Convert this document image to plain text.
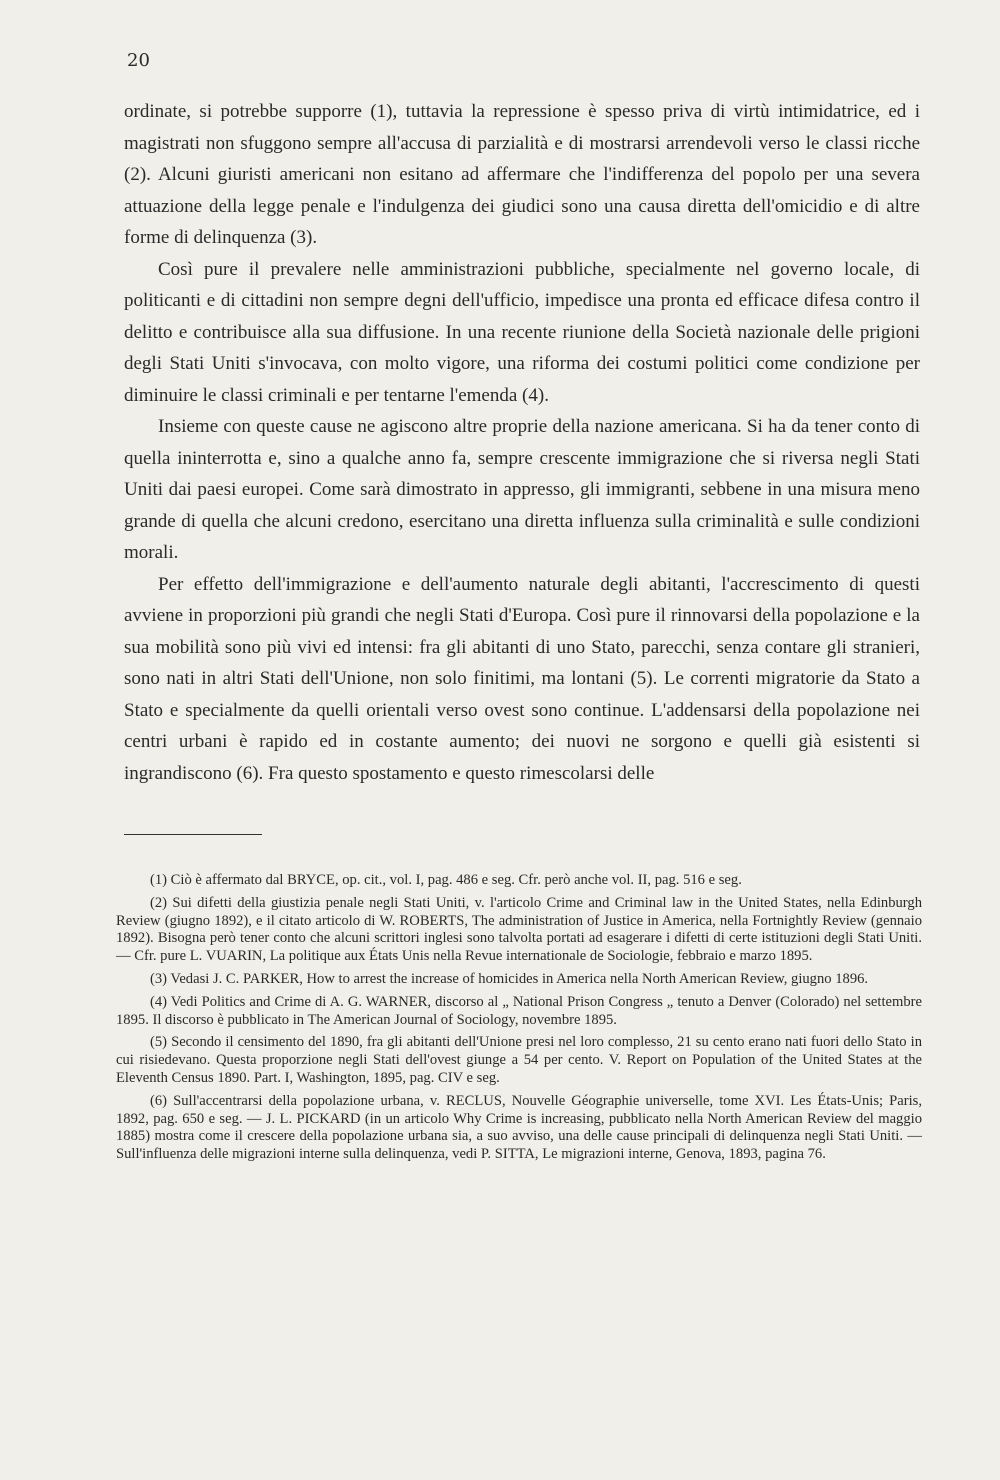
20

ordinate, si potrebbe supporre (1), tuttavia la repressione è spesso priva di virtù intimidatrice, ed i magistrati non sfuggono sempre all'accusa di parzialità e di mostrarsi arrendevoli verso le classi ricche (2). Alcuni giuristi americani non esitano ad affermare che l'indifferenza del popolo per una severa attuazione della legge penale e l'indulgenza dei giudici sono una causa diretta dell'omicidio e di altre forme di delinquenza (3).

Così pure il prevalere nelle amministrazioni pubbliche, specialmente nel governo locale, di politicanti e di cittadini non sempre degni dell'ufficio, impedisce una pronta ed efficace difesa contro il delitto e contribuisce alla sua diffusione. In una recente riunione della Società nazionale delle prigioni degli Stati Uniti s'invocava, con molto vigore, una riforma dei costumi politici come condizione per diminuire le classi criminali e per tentarne l'emenda (4).

Insieme con queste cause ne agiscono altre proprie della nazione americana. Si ha da tener conto di quella ininterrotta e, sino a qualche anno fa, sempre crescente immigrazione che si riversa negli Stati Uniti dai paesi europei. Come sarà dimostrato in appresso, gli immigranti, sebbene in una misura meno grande di quella che alcuni credono, esercitano una diretta influenza sulla criminalità e sulle condizioni morali.

Per effetto dell'immigrazione e dell'aumento naturale degli abitanti, l'accrescimento di questi avviene in proporzioni più grandi che negli Stati d'Europa. Così pure il rinnovarsi della popolazione e la sua mobilità sono più vivi ed intensi: fra gli abitanti di uno Stato, parecchi, senza contare gli stranieri, sono nati in altri Stati dell'Unione, non solo finitimi, ma lontani (5). Le correnti migratorie da Stato a Stato e specialmente da quelli orientali verso ovest sono continue. L'addensarsi della popolazione nei centri urbani è rapido ed in costante aumento; dei nuovi ne sorgono e quelli già esistenti si ingrandiscono (6). Fra questo spostamento e questo rimescolarsi delle

(1) Ciò è affermato dal BRYCE, op. cit., vol. I, pag. 486 e seg. Cfr. però anche vol. II, pag. 516 e seg.

(2) Sui difetti della giustizia penale negli Stati Uniti, v. l'articolo Crime and Criminal law in the United States, nella Edinburgh Review (giugno 1892), e il citato articolo di W. ROBERTS, The administration of Justice in America, nella Fortnightly Review (gennaio 1892). Bisogna però tener conto che alcuni scrittori inglesi sono talvolta portati ad esagerare i difetti di certe istituzioni degli Stati Uniti. — Cfr. pure L. VUARIN, La politique aux États Unis nella Revue internationale de Sociologie, febbraio e marzo 1895.

(3) Vedasi J. C. PARKER, How to arrest the increase of homicides in America nella North American Review, giugno 1896.

(4) Vedi Politics and Crime di A. G. WARNER, discorso al „ National Prison Congress „ tenuto a Denver (Colorado) nel settembre 1895. Il discorso è pubblicato in The American Journal of Sociology, novembre 1895.

(5) Secondo il censimento del 1890, fra gli abitanti dell'Unione presi nel loro complesso, 21 su cento erano nati fuori dello Stato in cui risiedevano. Questa proporzione negli Stati dell'ovest giunge a 54 per cento. V. Report on Population of the United States at the Eleventh Census 1890. Part. I, Washington, 1895, pag. CIV e seg.

(6) Sull'accentrarsi della popolazione urbana, v. RECLUS, Nouvelle Géographie universelle, tome XVI. Les États-Unis; Paris, 1892, pag. 650 e seg. — J. L. PICKARD (in un articolo Why Crime is increasing, pubblicato nella North American Review del maggio 1885) mostra come il crescere della popolazione urbana sia, a suo avviso, una delle cause principali di delinquenza negli Stati Uniti. — Sull'influenza delle migrazioni interne sulla delinquenza, vedi P. SITTA, Le migrazioni interne, Genova, 1893, pagina 76.
